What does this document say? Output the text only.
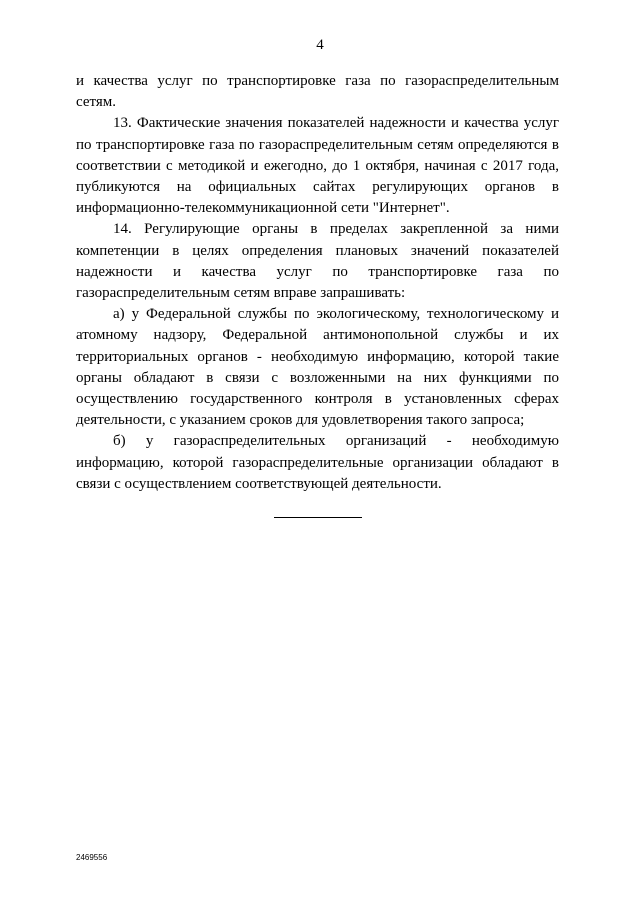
4

и качества услуг по транспортировке газа по газораспределительным сетям.

13. Фактические значения показателей надежности и качества услуг по транспортировке газа по газораспределительным сетям определяются в соответствии с методикой и ежегодно, до 1 октября, начиная с 2017 года, публикуются на официальных сайтах регулирующих органов в информационно-телекоммуникационной сети "Интернет".

14. Регулирующие органы в пределах закрепленной за ними компетенции в целях определения плановых значений показателей надежности и качества услуг по транспортировке газа по газораспределительным сетям вправе запрашивать:

а) у Федеральной службы по экологическому, технологическому и атомному надзору, Федеральной антимонопольной службы и их территориальных органов - необходимую информацию, которой такие органы обладают в связи с возложенными на них функциями по осуществлению государственного контроля в установленных сферах деятельности, с указанием сроков для удовлетворения такого запроса;

б) у газораспределительных организаций - необходимую информацию, которой газораспределительные организации обладают в связи с осуществлением соответствующей деятельности.

2469556
